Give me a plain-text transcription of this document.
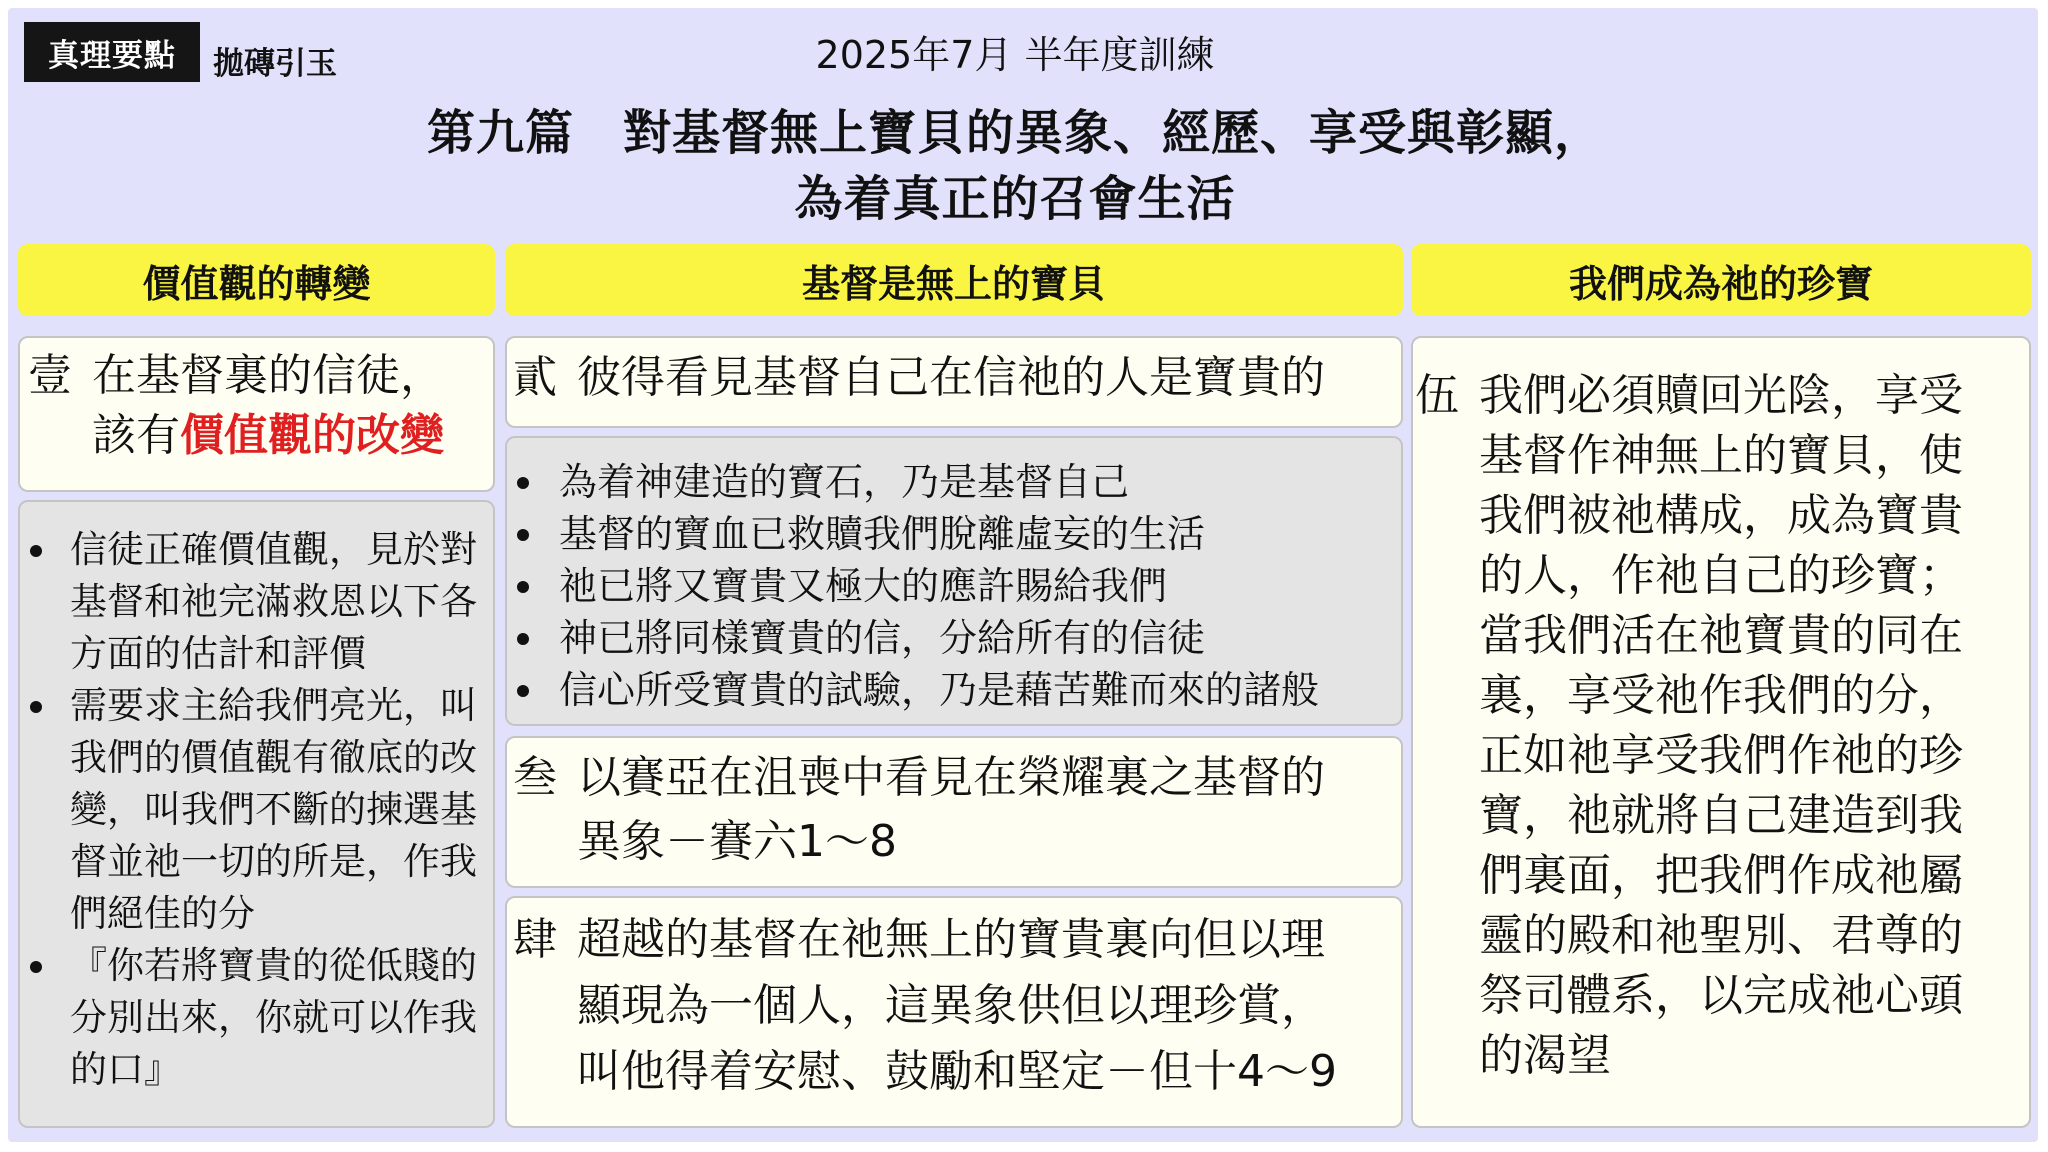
真理要點	拋磚引玉	2025年7月 半年度訓練
第九篇　對基督無上寶貝的異象、經歷、享受與彰顯，
為着真正的召會生活
價值觀的轉變	基督是無上的寶貝	我們成為祂的珍寶
壹 在基督裏的信徒，
該有價值觀的改變
信徒正確價值觀，見於對基督和祂完滿救恩以下各方面的估計和評價
需要求主給我們亮光，叫我們的價值觀有徹底的改變，叫我們不斷的揀選基督並祂一切的所是，作我們絕佳的分
『你若將寶貴的從低賤的分別出來，你就可以作我的口』
貳 彼得看見基督自己在信祂的人是寶貴的
為着神建造的寶石，乃是基督自己
基督的寶血已救贖我們脫離虛妄的生活
祂已將又寶貴又極大的應許賜給我們
神已將同樣寶貴的信，分給所有的信徒
信心所受寶貴的試驗，乃是藉苦難而來的諸般
叁 以賽亞在沮喪中看見在榮耀裏之基督的
異象－賽六1～8
肆 超越的基督在祂無上的寶貴裏向但以理
顯現為一個人，這異象供但以理珍賞，
叫他得着安慰、鼓勵和堅定－但十4～9
伍 我們必須贖回光陰，享受
基督作神無上的寶貝，使
我們被祂構成，成為寶貴
的人，作祂自己的珍寶；
當我們活在祂寶貴的同在
裏，享受祂作我們的分，
正如祂享受我們作祂的珍
寶，祂就將自己建造到我
們裏面，把我們作成祂屬
靈的殿和祂聖別、君尊的
祭司體系，以完成祂心頭
的渴望
